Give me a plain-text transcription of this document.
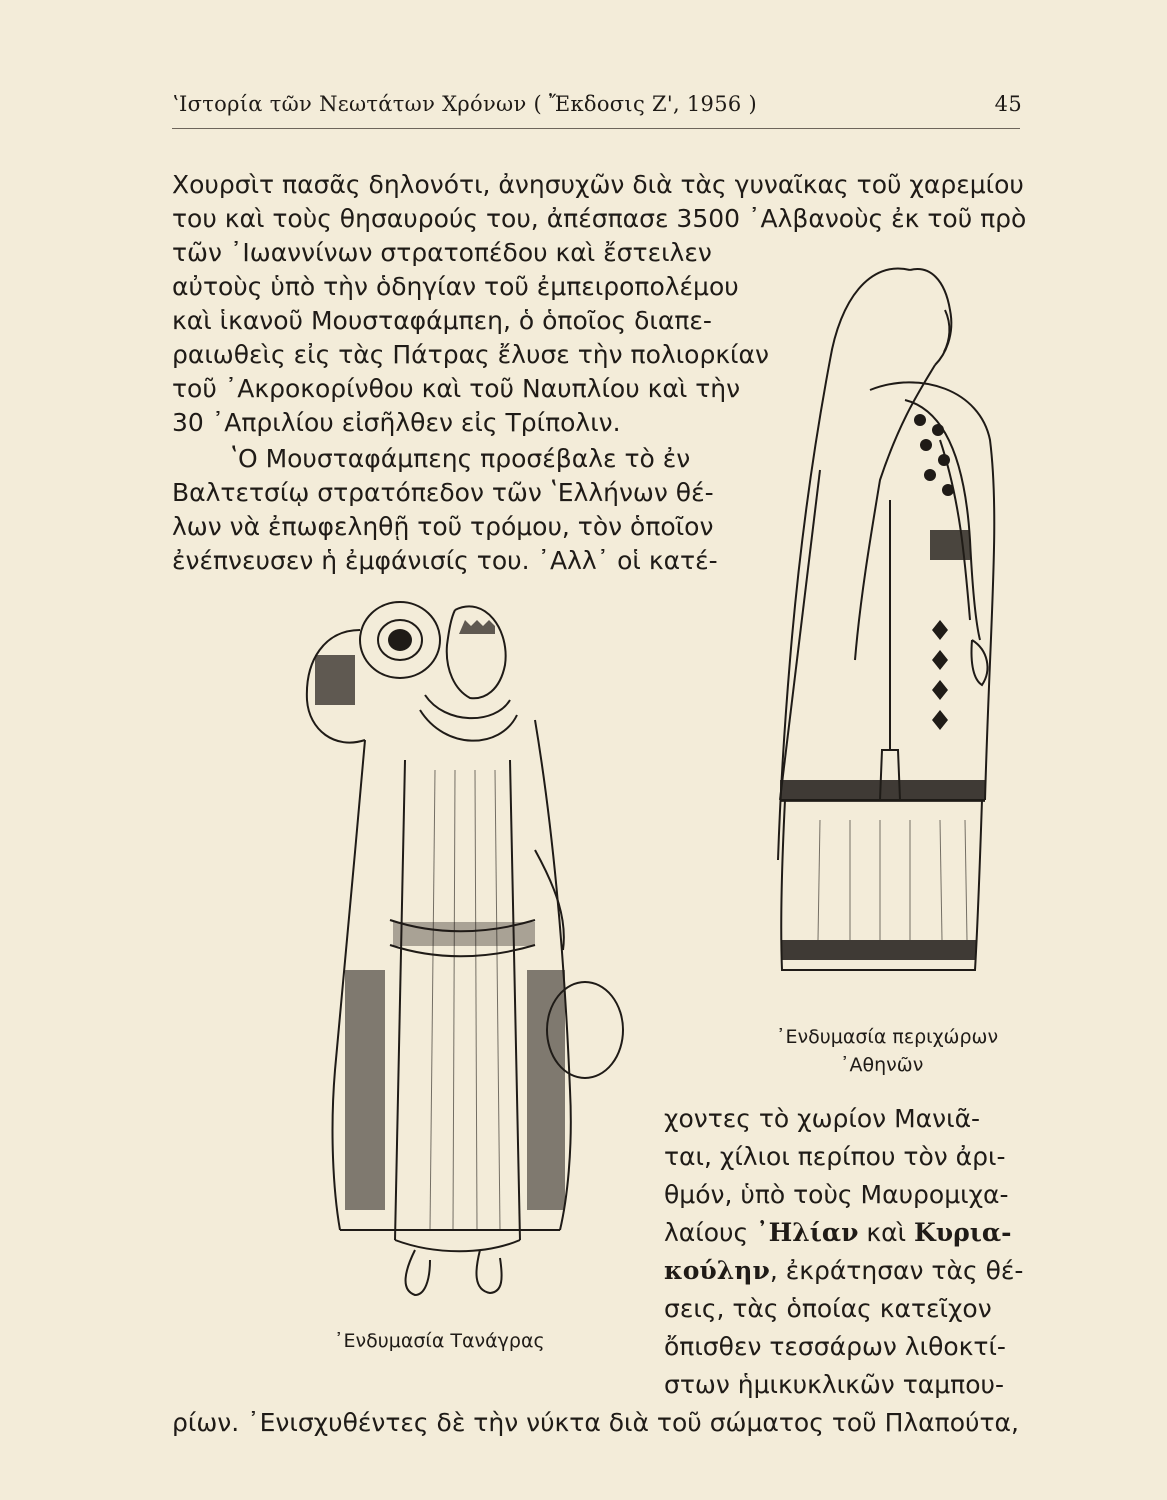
ʽΙστορία τῶν Νεωτάτων Χρόνων ( Ἔκδοσις Ζ', 1956 )	45
Χουρσὶτ πασᾶς δηλονότι, ἀνησυχῶν διὰ τὰς γυναῖκας τοῦ χαρεμίου
του καὶ τοὺς θησαυρούς του, ἀπέσπασε 3500 ᾽Αλβανοὺς ἐκ τοῦ πρὸ
τῶν ᾽Ιωαννίνων στρατοπέδου καὶ ἔστειλεν
αὐτοὺς ὑπὸ τὴν ὁδηγίαν τοῦ ἐμπειροπολέμου
καὶ ἱκανοῦ Μουσταφάμπεη, ὁ ὁποῖος διαπε-
ραιωθεὶς εἰς τὰς Πάτρας ἔλυσε τὴν πολιορκίαν
τοῦ ᾽Ακροκορίνθου καὶ τοῦ Ναυπλίου καὶ τὴν
30 ᾽Απριλίου εἰσῆλθεν εἰς Τρίπολιν.
ʽΟ Μουσταφάμπεης προσέβαλε τὸ ἐν
Βαλτετσίῳ στρατόπεδον τῶν ʽΕλλήνων θέ-
λων νὰ ἐπωφεληθῇ τοῦ τρόμου, τὸν ὁποῖον
ἐνέπνευσεν ἡ ἐμφάνισίς του. ᾽Αλλ᾽ οἱ κατέ-
᾽Ενδυμασία περιχώρων
᾽Αθηνῶν
᾽Ενδυμασία Τανάγρας
χοντες τὸ χωρίον Μανιᾶ-
ται, χίλιοι περίπου τὸν ἀρι-
θμόν, ὑπὸ τοὺς Μαυρομιχα-
λαίους ᾽Ηλίαν καὶ Κυρια-
κούλην, ἐκράτησαν τὰς θέ-
σεις, τὰς ὁποίας κατεῖχον
ὄπισθεν τεσσάρων λιθοκτί-
στων ἡμικυκλικῶν ταμπου-
ρίων. ᾽Ενισχυθέντες δὲ τὴν νύκτα διὰ τοῦ σώματος τοῦ Πλαπούτα,
